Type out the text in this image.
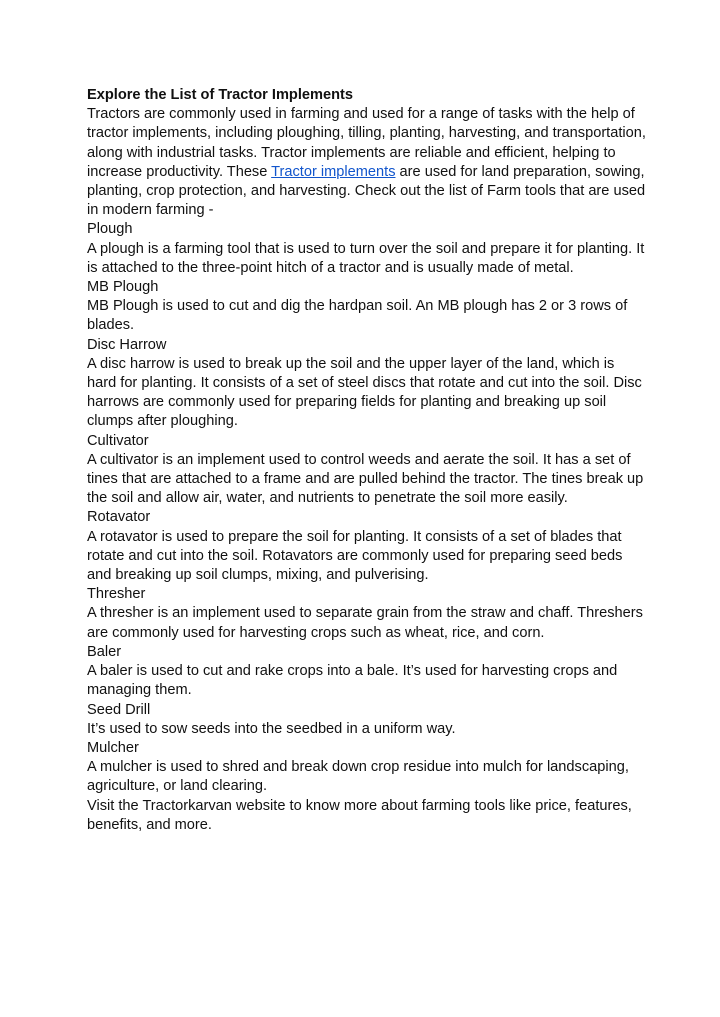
Explore the List of Tractor Implements

Tractors are commonly used in farming and used for a range of tasks with the help of tractor implements, including ploughing, tilling, planting, harvesting, and transportation, along with industrial tasks. Tractor implements are reliable and efficient, helping to increase productivity. These Tractor implements are used for land preparation, sowing, planting, crop protection, and harvesting. Check out the list of Farm tools that are used in modern farming -

Plough

A plough is a farming tool that is used to turn over the soil and prepare it for planting. It is attached to the three-point hitch of a tractor and is usually made of metal.

MB Plough

MB Plough is used to cut and dig the hardpan soil. An MB plough has 2 or 3 rows of blades.

Disc Harrow

A disc harrow is used to break up the soil and the upper layer of the land, which is hard for planting. It consists of a set of steel discs that rotate and cut into the soil. Disc harrows are commonly used for preparing fields for planting and breaking up soil clumps after ploughing.

Cultivator

A cultivator is an implement used to control weeds and aerate the soil. It has a set of tines that are attached to a frame and are pulled behind the tractor. The tines break up the soil and allow air, water, and nutrients to penetrate the soil more easily.

Rotavator

A rotavator is used to prepare the soil for planting. It consists of a set of blades that rotate and cut into the soil. Rotavators are commonly used for preparing seed beds and breaking up soil clumps, mixing, and pulverising.

Thresher

A thresher is an implement used to separate grain from the straw and chaff. Threshers are commonly used for harvesting crops such as wheat, rice, and corn.

Baler

A baler is used to cut and rake crops into a bale. It’s used for harvesting crops and managing them.

Seed Drill

It’s used to sow seeds into the seedbed in a uniform way.

Mulcher

A mulcher is used to shred and break down crop residue into mulch for landscaping, agriculture, or land clearing.

Visit the Tractorkarvan website to know more about farming tools like price, features, benefits, and more.
